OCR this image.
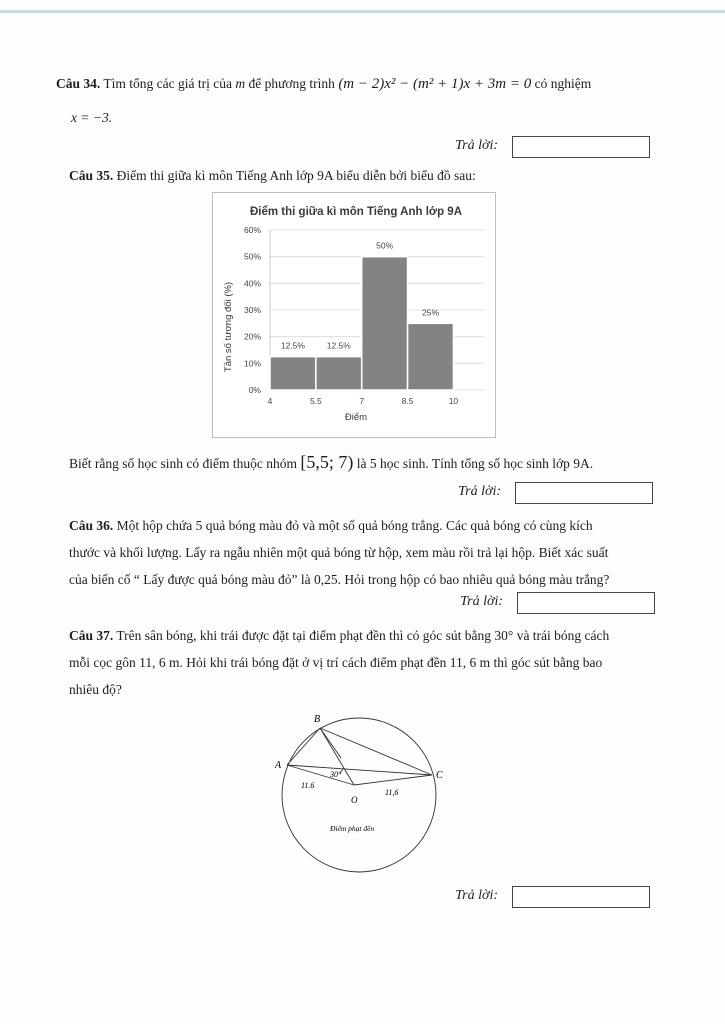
Câu 34. Tìm tổng các giá trị của m để phương trình (m − 2)x² − (m² + 1)x + 3m = 0 có nghiệm
x = −3.
Trả lời:
Câu 35. Điểm thi giữa kì môn Tiếng Anh lớp 9A biểu diễn bởi biểu đồ sau:
Điểm thi giữa kì môn Tiếng Anh lớp 9A
Tần số tương đối (%)
Điểm
12.5%	12.5%
50%
25%
0%
10%
20%
30%
40%
50%
60%
4	5.5	7	8.5	10
Biết rằng số học sinh có điểm thuộc nhóm [5,5; 7) là 5 học sinh. Tính tổng số học sinh lớp 9A.
Trả lời:
Câu 36. Một hộp chứa 5 quả bóng màu đỏ và một số quả bóng trắng. Các quả bóng có cùng kích
thước và khối lượng. Lấy ra ngẫu nhiên một quả bóng từ hộp, xem màu rồi trả lại hộp. Biết xác suất
của biến cố “ Lấy được quả bóng màu đỏ” là 0,25. Hỏi trong hộp có bao nhiêu quả bóng màu trắng?
Trả lời:
Câu 37. Trên sân bóng, khi trái được đặt tại điểm phạt đền thì có góc sút bằng 30° và trái bóng cách
mỗi cọc gôn 11, 6 m. Hỏi khi trái bóng đặt ở vị trí cách điểm phạt đền 11, 6 m thì góc sút bằng bao
nhiêu độ?
B
A
C
O
30°
11.6
11,6
Điểm phạt đền
Trả lời:
